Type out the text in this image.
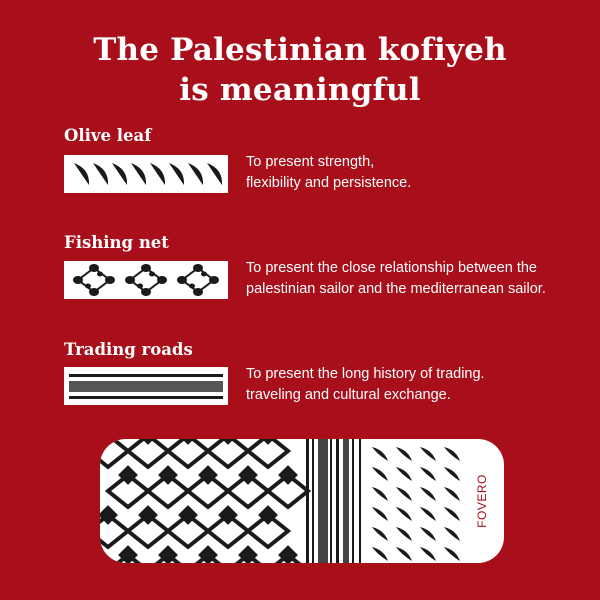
The Palestinian kofiyeh
is meaningful
Olive leaf
To present strength,
flexibility and persistence.
Fishing net
To present the close relationship between the
palestinian sailor and the mediterranean sailor.
Trading roads
To present the long history of trading.
traveling and cultural exchange.
FOVERO
